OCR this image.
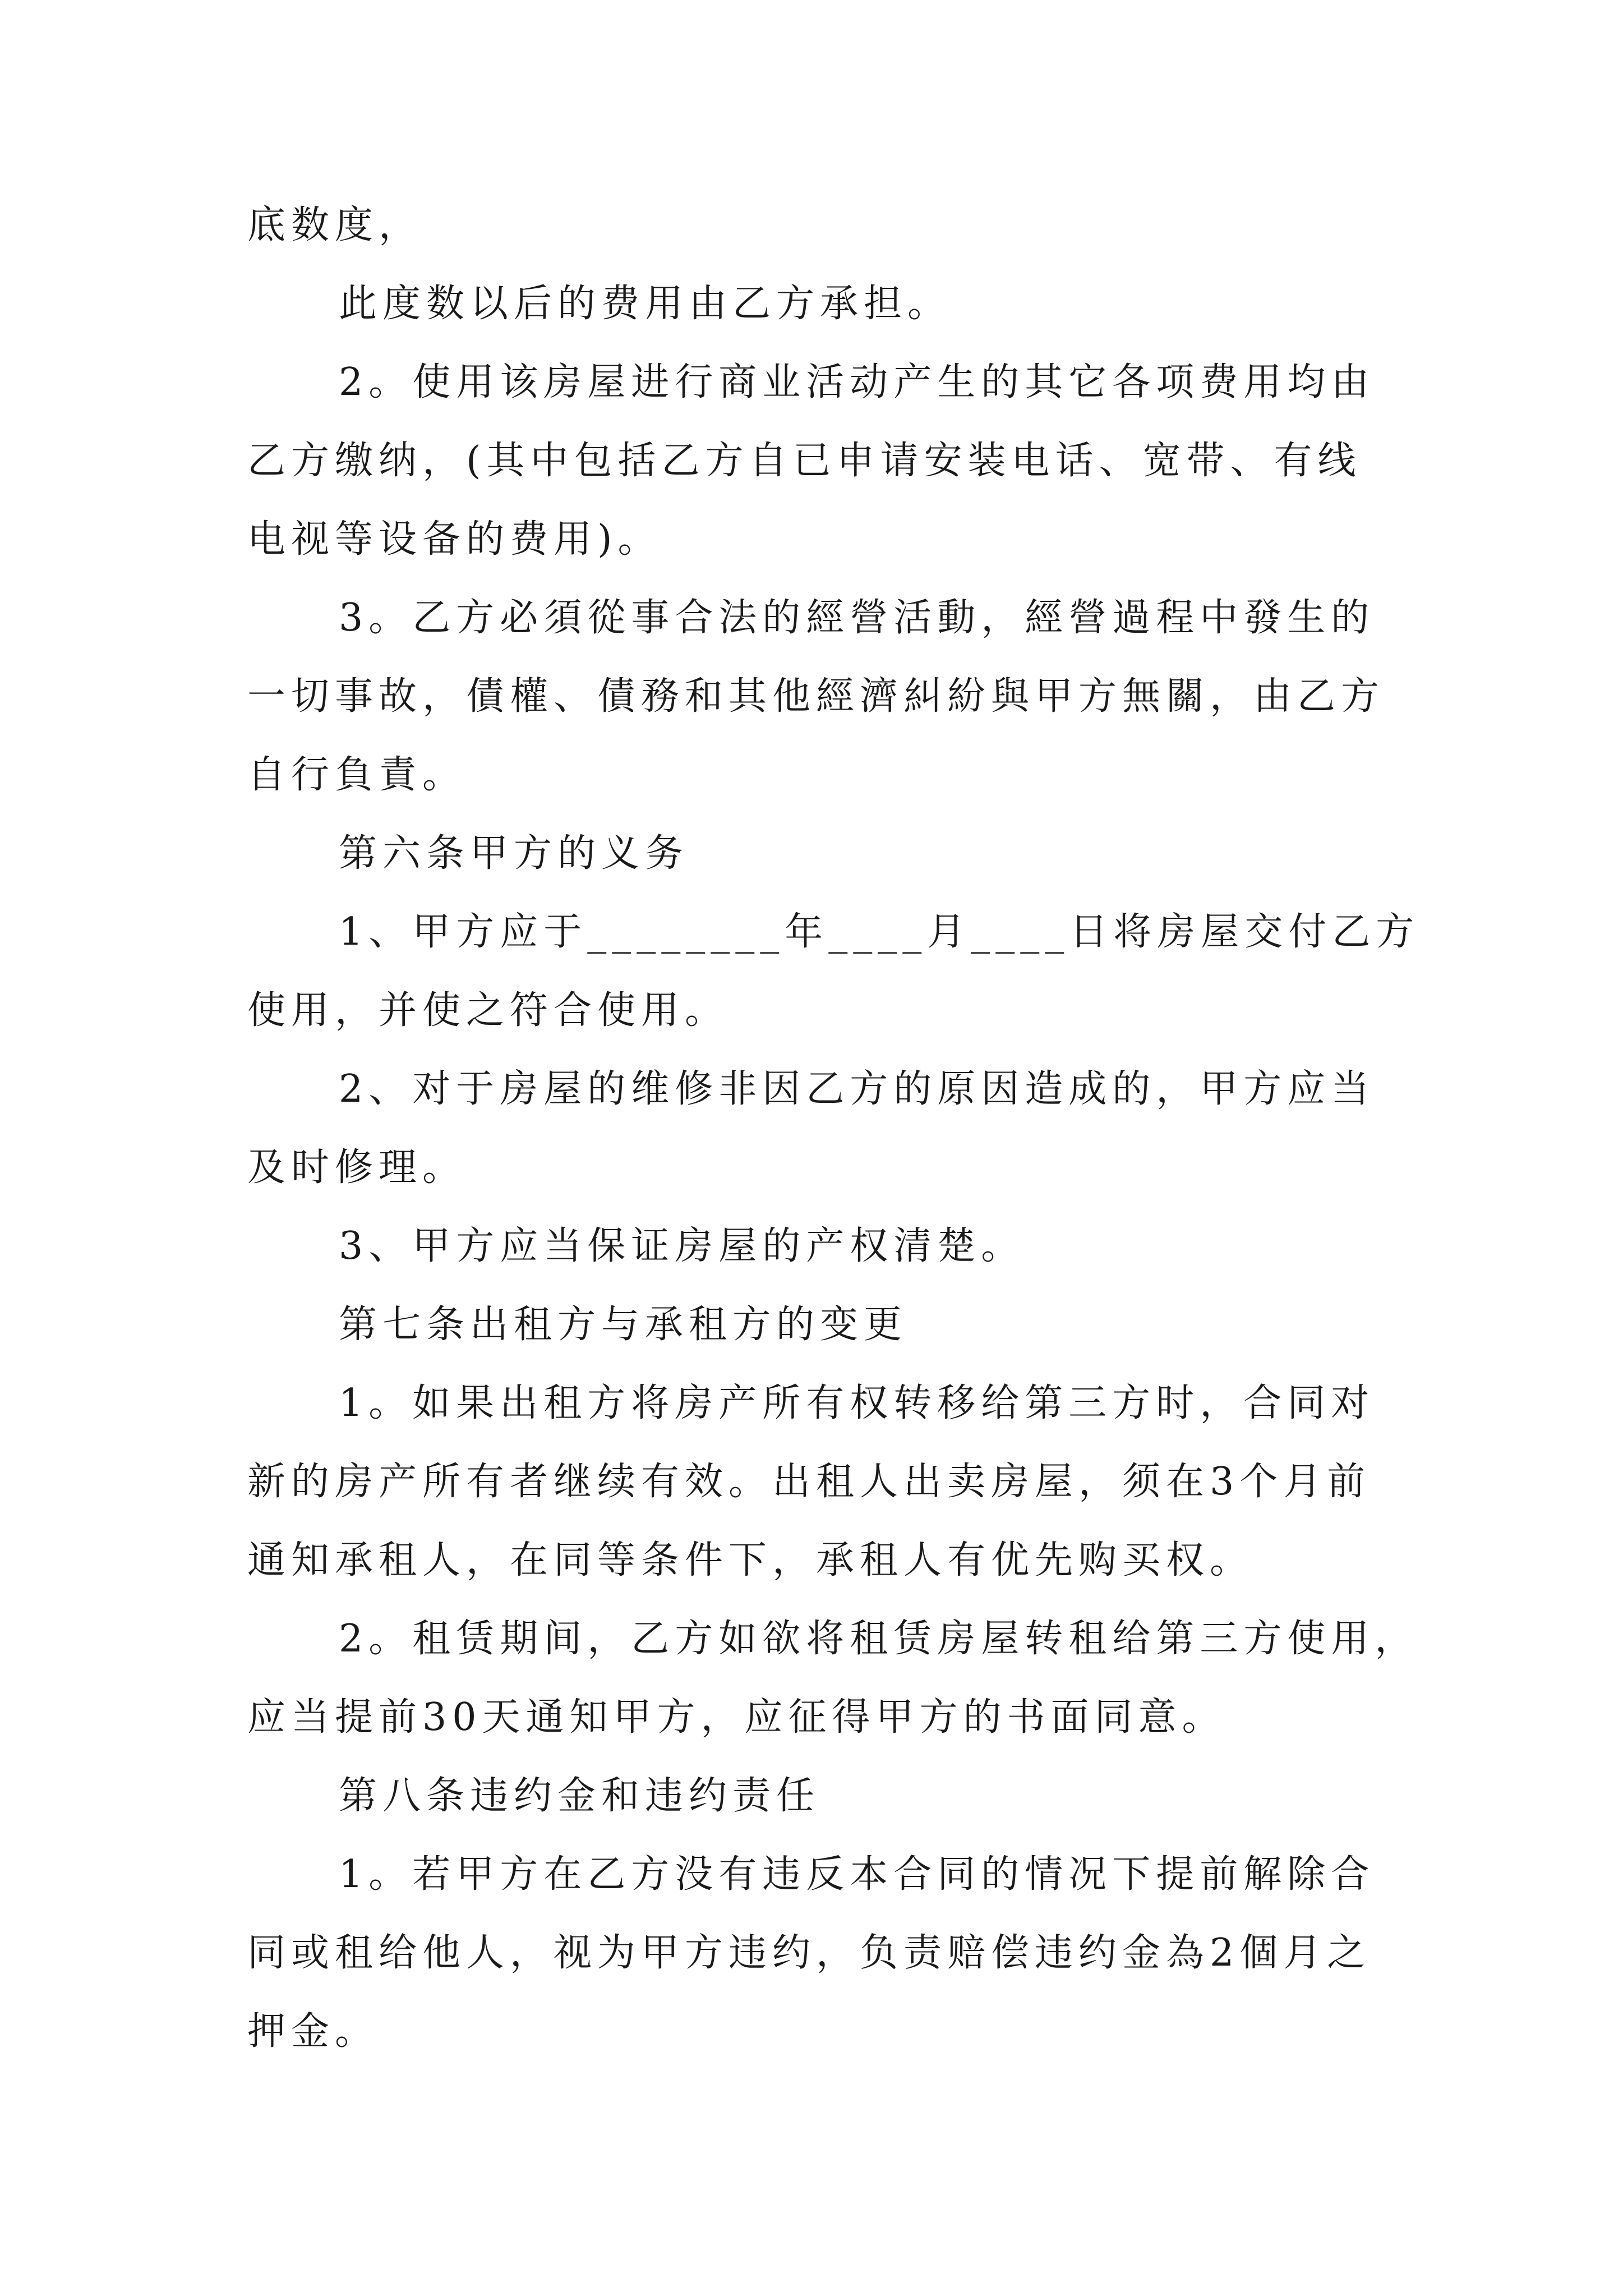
底数度，
此度数以后的费用由乙方承担。
2。使用该房屋进行商业活动产生的其它各项费用均由
乙方缴纳，(其中包括乙方自已申请安装电话、宽带、有线
电视等设备的费用)。
3。乙方必須從事合法的經營活動，經營過程中發生的
一切事故，債權、債務和其他經濟糾紛與甲方無關，由乙方
自行負責。
第六条甲方的义务
1、甲方应于________年____月____日将房屋交付乙方
使用，并使之符合使用。
2、对于房屋的维修非因乙方的原因造成的，甲方应当
及时修理。
3、甲方应当保证房屋的产权清楚。
第七条出租方与承租方的变更
1。如果出租方将房产所有权转移给第三方时，合同对
新的房产所有者继续有效。出租人出卖房屋，须在3个月前
通知承租人，在同等条件下，承租人有优先购买权。
2。租赁期间，乙方如欲将租赁房屋转租给第三方使用，
应当提前30天通知甲方，应征得甲方的书面同意。
第八条违约金和违约责任
1。若甲方在乙方没有违反本合同的情况下提前解除合
同或租给他人，视为甲方违约，负责赔偿违约金為2個月之
押金。
